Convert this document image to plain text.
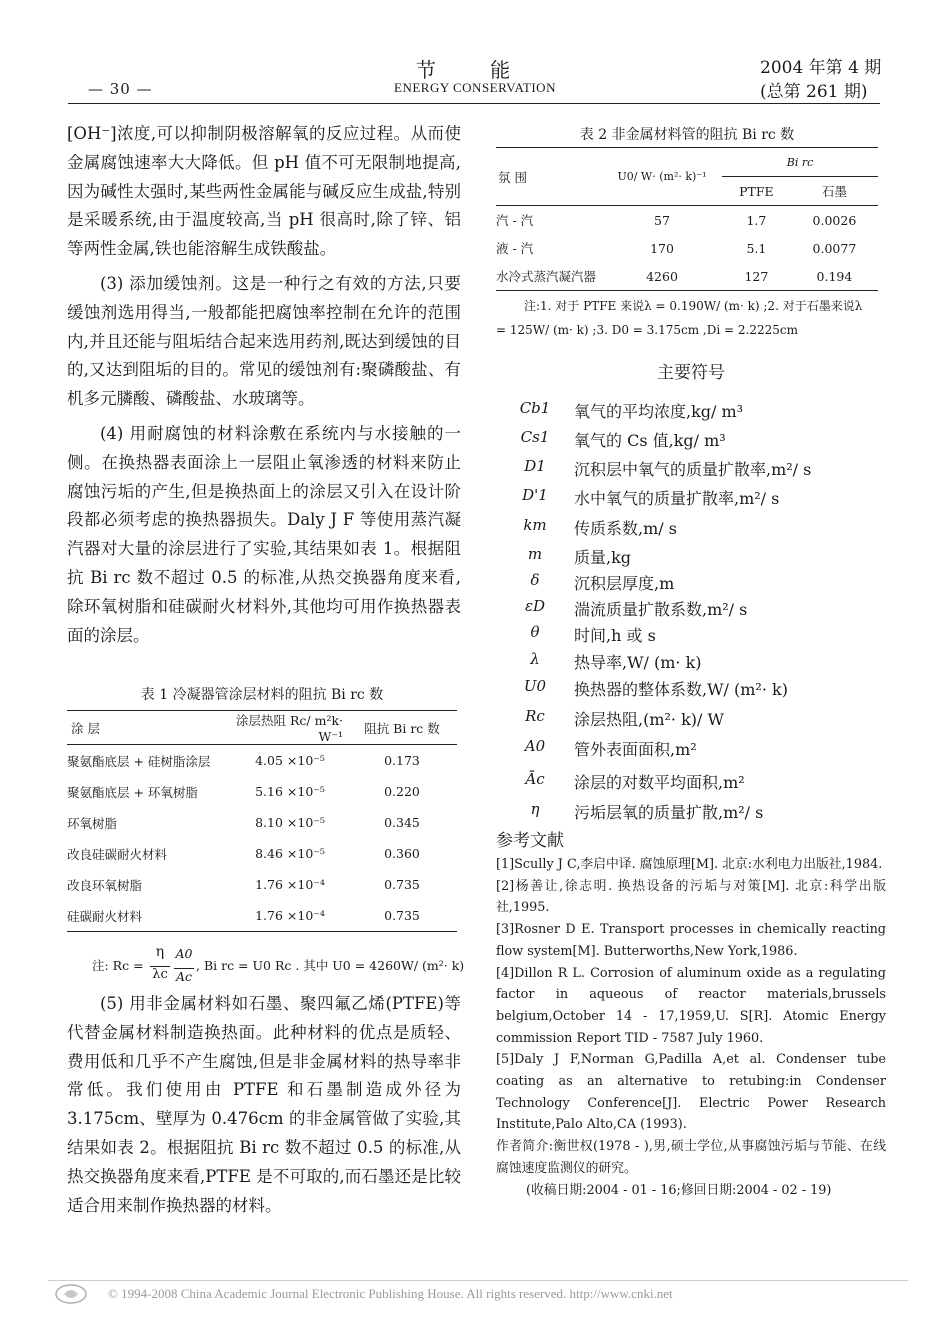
— 30 —
节 能
ENERGY CONSERVATION
2004 年第 4 期
(总第 261 期)

[OH⁻]浓度,可以抑制阴极溶解氧的反应过程。从而使金属腐蚀速率大大降低。但 pH 值不可无限制地提高,因为碱性太强时,某些两性金属能与碱反应生成盐,特别是采暖系统,由于温度较高,当 pH 很高时,除了锌、铝等两性金属,铁也能溶解生成铁酸盐。

(3) 添加缓蚀剂。这是一种行之有效的方法,只要缓蚀剂选用得当,一般都能把腐蚀率控制在允许的范围内,并且还能与阻垢结合起来选用药剂,既达到缓蚀的目的,又达到阻垢的目的。常见的缓蚀剂有:聚磷酸盐、有机多元膦酸、磷酸盐、水玻璃等。

(4) 用耐腐蚀的材料涂敷在系统内与水接触的一侧。在换热器表面涂上一层阻止氧渗透的材料来防止腐蚀污垢的产生,但是换热面上的涂层又引入在设计阶段都必须考虑的换热器损失。Daly J F 等使用蒸汽凝汽器对大量的涂层进行了实验,其结果如表 1。根据阻抗 Bi rc 数不超过 0.5 的标准,从热交换器角度来看,除环氧树脂和硅碳耐火材料外,其他均可用作换热器表面的涂层。

表 1 冷凝器管涂层材料的阻抗 Bi rc 数
涂 层	涂层热阻 Rc/ m²k· W⁻¹	阻抗 Bi rc 数
聚氨酯底层 + 硅树脂涂层	4.05 ×10⁻⁵	0.173
聚氨酯底层 + 环氧树脂	5.16 ×10⁻⁵	0.220
环氧树脂	8.10 ×10⁻⁵	0.345
改良硅碳耐火材料	8.46 ×10⁻⁵	0.360
改良环氧树脂	1.76 ×10⁻⁴	0.735
硅碳耐火材料	1.76 ×10⁻⁴	0.735
注: Rc =
η
λc
A0
Ac
, Bi rc = U0 Rc . 其中 U0 = 4260W/ (m²· k)

(5) 用非金属材料如石墨、聚四氟乙烯(PTFE)等代替金属材料制造换热面。此种材料的优点是质轻、费用低和几乎不产生腐蚀,但是非金属材料的热导率非常低。我们使用由 PTFE 和石墨制造成外径为 3.175cm、壁厚为 0.476cm 的非金属管做了实验,其结果如表 2。根据阻抗 Bi rc 数不超过 0.5 的标准,从热交换器角度来看,PTFE 是不可取的,而石墨还是比较适合用来制作换热器的材料。

表 2 非金属材料管的阻抗 Bi rc 数
氛 围	U0/ W· (m²· k)⁻¹	Bi rc	
		PTFE	石墨
汽 - 汽	57	1.7	0.0026
液 - 汽	170	5.1	0.0077
水冷式蒸汽凝汽器	4260	127	0.194
注:1. 对于 PTFE 来说λ = 0.190W/ (m· k) ;2. 对于石墨来说λ
= 125W/ (m· k) ;3. D0 = 3.175cm ,Di = 2.2225cm
主要符号
Cb1	氧气的平均浓度,kg/ m³
Cs1	氧气的 Cs 值,kg/ m³
D1	沉积层中氧气的质量扩散率,m²/ s
D'1	水中氧气的质量扩散率,m²/ s
km	传质系数,m/ s
m	质量,kg
δ	沉积层厚度,m
εD	湍流质量扩散系数,m²/ s
θ	时间,h 或 s
λ	热导率,W/ (m· k)
U0	换热器的整体系数,W/ (m²· k)
Rc	涂层热阻,(m²· k)/ W
A0	管外表面面积,m²
Āc	涂层的对数平均面积,m²
η	污垢层氧的质量扩散,m²/ s
参考文献

[1]Scully J C,李启中译. 腐蚀原理[M]. 北京:水利电力出版社,1984.

[2]杨善让,徐志明. 换热设备的污垢与对策[M]. 北京:科学出版社,1995.

[3]Rosner D E. Transport processes in chemically reacting flow system[M]. Butterworths,New York,1986.

[4]Dillon R L. Corrosion of aluminum oxide as a regulating factor in aqueous of reactor materials,brussels belgium,October 14 - 17,1959,U. S[R]. Atomic Energy commission Report TID - 7587 July 1960.

[5]Daly J F,Norman G,Padilla A,et al. Condenser tube coating as an alternative to retubing:in Condenser Technology Conference[J]. Electric Power Research Institute,Palo Alto,CA (1993).

作者简介:衡世权(1978 - ),男,硕士学位,从事腐蚀污垢与节能、在线腐蚀速度监测仪的研究。

(收稿日期:2004 - 01 - 16;修回日期:2004 - 02 - 19)

© 1994-2008 China Academic Journal Electronic Publishing House. All rights reserved. http://www.cnki.net
